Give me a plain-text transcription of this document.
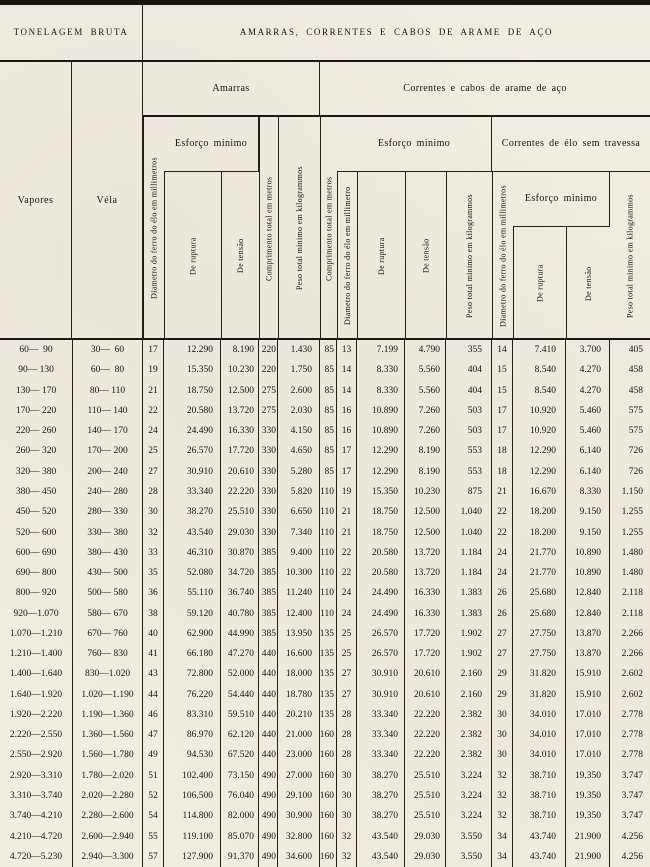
TONELAGEM BRUTA	AMARRAS, CORRENTES E CABOS DE ARAME DE AÇO
Vapores	Véla
Amarras	Correntes e cabos de arame de aço
Diametro do ferro do élo em millimetros
Esforço minimo
De ruptura	De tensão	Comprimento total em metros	Peso total minimo em kilogrammos	Comprimento total em metros
Esforço minimo
Diametro do ferro do élo em millimetro	De ruptura	De tensão	Peso total minimo em kilogrammos
Correntes de élo sem travessa
Diametro do ferro do élo em millimetros	Esforço minimo
De ruptura	De tensão	Peso total minimo em kilogrammos
60—  90	30—  60	17	12.290	8.190 220	1.430	85 13	7.199	4.790	355	14	7.410	3.700	405
90— 130	60—  80	19	15.350	10.230 220	1.750	85 14	8.330	5.560	404	15	8.540	4.270	458
130— 170	80— 110	21	18.750	12.500 275	2.600	85 14	8.330	5.560	404	15	8.540	4.270	458
170— 220	110— 140	22	20.580	13.720 275	2.030	85 16	10.890	7.260	503	17	10.920	5.460	575
220— 260	140— 170	24	24.490	16.330 330	4.150	85 16	10.890	7.260	503	17	10.920	5.460	575
260— 320	170— 200	25	26.570	17.720 330	4.650	85 17	12.290	8.190	553	18	12.290	6.140	726
320— 380	200— 240	27	30.910	20.610 330	5.280	85 17	12.290	8.190	553	18	12.290	6.140	726
380— 450	240— 280	28	33.340	22.220 330	5.820 110 19	15.350	10.230	875	21	16.670	8.330	1.150
450— 520	280— 330	30	38.270	25.510 330	6.650 110 21	18.750	12.500	1.040	22	18.200	9.150	1.255
520— 600	330— 380	32	43.540	29.030 330	7.340 110 21	18.750	12.500	1.040	22	18.200	9.150	1.255
600— 690	380— 430	33	46.310	30.870 385	9.400 110 22	20.580	13.720	1.184	24	21.770	10.890	1.480
690— 800	430— 500	35	52.080	34.720 385	10.300 110 22	20.580	13.720	1.184	24	21.770	10.890	1.480
800— 920	500— 580	36	55.110	36.740 385	11.240 110 24	24.490	16.330	1.383	26	25.680	12.840	2.118
920—1.070	580— 670	38	59.120	40.780 385	12.400 110 24	24.490	16.330	1.383	26	25.680	12.840	2.118
1.070—1.210	670— 760	40	62.900	44.990 385	13.950 135 25	26.570	17.720	1.902	27	27.750	13.870	2.266
1.210—1.400	760— 830	41	66.180	47.270 440	16.600 135 25	26.570	17.720	1.902	27	27.750	13.870	2.266
1.400—1.640	830—1.020	43	72.800	52.000 440	18.000 135 27	30.910	20.610	2.160	29	31.820	15.910	2.602
1.640—1.920	1.020—1.190	44	76.220	54.440 440	18.780 135 27	30.910	20.610	2.160	29	31.820	15.910	2.602
1.920—2.220	1.190—1.360	46	83.310	59.510 440	20.210 135 28	33.340	22.220	2.382	30	34.010	17.010	2.778
2.220—2.550	1.360—1.560	47	86.970	62.120 440	21.000 160 28	33.340	22.220	2.382	30	34.010	17.010	2.778
2.550—2.920	1.560—1.780	49	94.530	67.520 440	23.000 160 28	33.340	22.220	2.382	30	34.010	17.010	2.778
2.920—3.310	1.780—2.020	51	102.400	73.150 490	27.000 160 30	38.270	25.510	3.224	32	38.710	19.350	3.747
3.310—3.740	2.020—2.280	52	106.500	76.040 490	29.100 160 30	38.270	25.510	3.224	32	38.710	19.350	3.747
3.740—4.210	2.280—2.600	54	114.800	82.000 490	30.900 160 30	38.270	25.510	3.224	32	38.710	19.350	3.747
4.210—4.720	2.600—2.940	55	119.100	85.070 490	32.800 160 32	43.540	29.030	3.550	34	43.740	21.900	4.256
4.720—5.230	2.940—3.300	57	127.900	91.370 490	34.600 160 32	43.540	29.030	3.550	34	43.740	21.900	4.256
